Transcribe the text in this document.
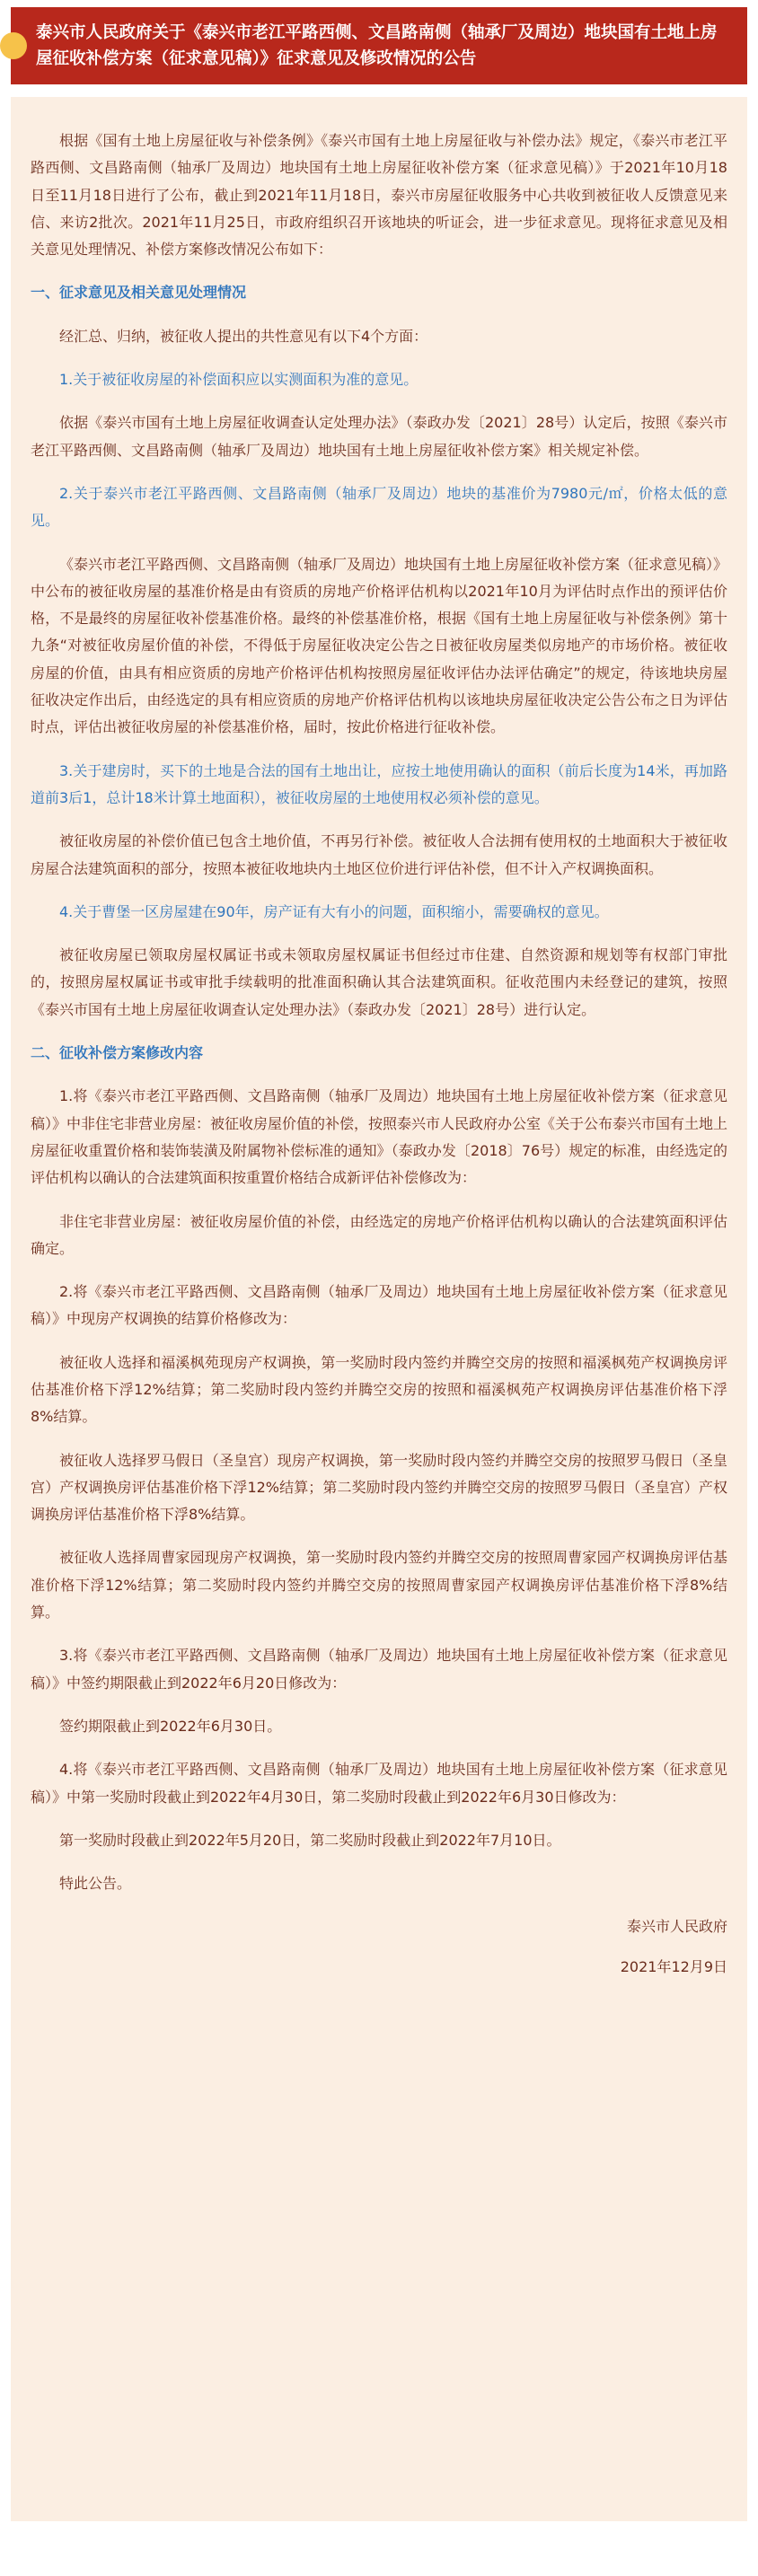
泰兴市人民政府关于《泰兴市老江平路西侧、文昌路南侧（轴承厂及周边）地块国有土地上房屋征收补偿方案（征求意见稿）》征求意见及修改情况的公告

根据《国有土地上房屋征收与补偿条例》《泰兴市国有土地上房屋征收与补偿办法》规定，《泰兴市老江平路西侧、文昌路南侧（轴承厂及周边）地块国有土地上房屋征收补偿方案（征求意见稿）》于2021年10月18日至11月18日进行了公布，截止到2021年11月18日，泰兴市房屋征收服务中心共收到被征收人反馈意见来信、来访2批次。2021年11月25日，市政府组织召开该地块的听证会，进一步征求意见。现将征求意见及相关意见处理情况、补偿方案修改情况公布如下：

一、征求意见及相关意见处理情况

经汇总、归纳，被征收人提出的共性意见有以下4个方面：

1.关于被征收房屋的补偿面积应以实测面积为准的意见。

依据《泰兴市国有土地上房屋征收调查认定处理办法》（泰政办发〔2021〕28号）认定后，按照《泰兴市老江平路西侧、文昌路南侧（轴承厂及周边）地块国有土地上房屋征收补偿方案》相关规定补偿。

2.关于泰兴市老江平路西侧、文昌路南侧（轴承厂及周边）地块的基准价为7980元/㎡，价格太低的意见。

《泰兴市老江平路西侧、文昌路南侧（轴承厂及周边）地块国有土地上房屋征收补偿方案（征求意见稿）》中公布的被征收房屋的基准价格是由有资质的房地产价格评估机构以2021年10月为评估时点作出的预评估价格，不是最终的房屋征收补偿基准价格。最终的补偿基准价格，根据《国有土地上房屋征收与补偿条例》第十九条“对被征收房屋价值的补偿，不得低于房屋征收决定公告之日被征收房屋类似房地产的市场价格。被征收房屋的价值，由具有相应资质的房地产价格评估机构按照房屋征收评估办法评估确定”的规定，待该地块房屋征收决定作出后，由经选定的具有相应资质的房地产价格评估机构以该地块房屋征收决定公告公布之日为评估时点，评估出被征收房屋的补偿基准价格，届时，按此价格进行征收补偿。

3.关于建房时，买下的土地是合法的国有土地出让，应按土地使用确认的面积（前后长度为14米，再加路道前3后1，总计18米计算土地面积），被征收房屋的土地使用权必须补偿的意见。

被征收房屋的补偿价值已包含土地价值，不再另行补偿。被征收人合法拥有使用权的土地面积大于被征收房屋合法建筑面积的部分，按照本被征收地块内土地区位价进行评估补偿，但不计入产权调换面积。

4.关于曹堡一区房屋建在90年，房产证有大有小的问题，面积缩小，需要确权的意见。

被征收房屋已领取房屋权属证书或未领取房屋权属证书但经过市住建、自然资源和规划等有权部门审批的，按照房屋权属证书或审批手续载明的批准面积确认其合法建筑面积。征收范围内未经登记的建筑，按照《泰兴市国有土地上房屋征收调查认定处理办法》（泰政办发〔2021〕28号）进行认定。

二、征收补偿方案修改内容

1.将《泰兴市老江平路西侧、文昌路南侧（轴承厂及周边）地块国有土地上房屋征收补偿方案（征求意见稿）》中非住宅非营业房屋：被征收房屋价值的补偿，按照泰兴市人民政府办公室《关于公布泰兴市国有土地上房屋征收重置价格和装饰装潢及附属物补偿标准的通知》（泰政办发〔2018〕76号）规定的标准，由经选定的评估机构以确认的合法建筑面积按重置价格结合成新评估补偿修改为：

非住宅非营业房屋：被征收房屋价值的补偿，由经选定的房地产价格评估机构以确认的合法建筑面积评估确定。

2.将《泰兴市老江平路西侧、文昌路南侧（轴承厂及周边）地块国有土地上房屋征收补偿方案（征求意见稿）》中现房产权调换的结算价格修改为：

被征收人选择和福溪枫苑现房产权调换，第一奖励时段内签约并腾空交房的按照和福溪枫苑产权调换房评估基准价格下浮12%结算；第二奖励时段内签约并腾空交房的按照和福溪枫苑产权调换房评估基准价格下浮8%结算。

被征收人选择罗马假日（圣皇宫）现房产权调换，第一奖励时段内签约并腾空交房的按照罗马假日（圣皇宫）产权调换房评估基准价格下浮12%结算；第二奖励时段内签约并腾空交房的按照罗马假日（圣皇宫）产权调换房评估基准价格下浮8%结算。

被征收人选择周曹家园现房产权调换，第一奖励时段内签约并腾空交房的按照周曹家园产权调换房评估基准价格下浮12%结算；第二奖励时段内签约并腾空交房的按照周曹家园产权调换房评估基准价格下浮8%结算。

3.将《泰兴市老江平路西侧、文昌路南侧（轴承厂及周边）地块国有土地上房屋征收补偿方案（征求意见稿）》中签约期限截止到2022年6月20日修改为：

签约期限截止到2022年6月30日。

4.将《泰兴市老江平路西侧、文昌路南侧（轴承厂及周边）地块国有土地上房屋征收补偿方案（征求意见稿）》中第一奖励时段截止到2022年4月30日，第二奖励时段截止到2022年6月30日修改为：

第一奖励时段截止到2022年5月20日，第二奖励时段截止到2022年7月10日。

特此公告。

泰兴市人民政府

2021年12月9日
